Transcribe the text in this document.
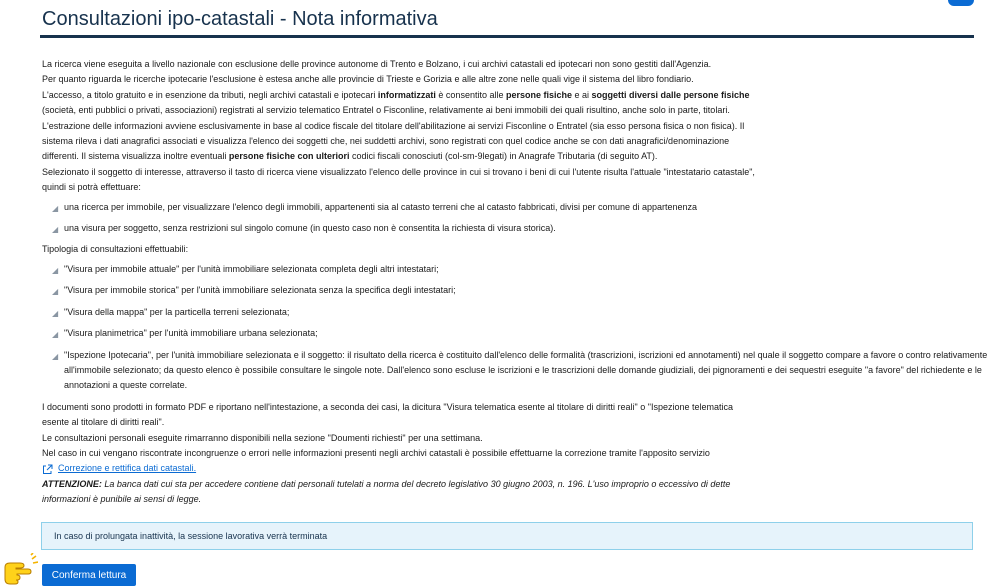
Consultazioni ipo-catastali - Nota informativa

La ricerca viene eseguita a livello nazionale con esclusione delle province autonome di Trento e Bolzano, i cui archivi catastali ed ipotecari non sono gestiti dall'Agenzia.

Per quanto riguarda le ricerche ipotecarie l'esclusione è estesa anche alle provincie di Trieste e Gorizia e alle altre zone nelle quali vige il sistema del libro fondiario.

L'accesso, a titolo gratuito e in esenzione da tributi, negli archivi catastali e ipotecari informatizzati è consentito alle persone fisiche e ai soggetti diversi dalle persone fisiche (società, enti pubblici o privati, associazioni) registrati al servizio telematico Entratel o Fisconline, relativamente ai beni immobili dei quali risultino, anche solo in parte, titolari.

L'estrazione delle informazioni avviene esclusivamente in base al codice fiscale del titolare dell'abilitazione ai servizi Fisconline o Entratel (sia esso persona fisica o non fisica). Il sistema rileva i dati anagrafici associati e visualizza l'elenco dei soggetti che, nei suddetti archivi, sono registrati con quel codice anche se con dati anagrafici/denominazione differenti. Il sistema visualizza inoltre eventuali persone fisiche con ulteriori codici fiscali conosciuti (col-sm-9legati) in Anagrafe Tributaria (di seguito AT).

Selezionato il soggetto di interesse, attraverso il tasto di ricerca viene visualizzato l'elenco delle province in cui si trovano i beni di cui l'utente risulta l'attuale "intestatario catastale", quindi si potrà effettuare:

◢ una ricerca per immobile, per visualizzare l'elenco degli immobili, appartenenti sia al catasto terreni che al catasto fabbricati, divisi per comune di appartenenza
◢ una visura per soggetto, senza restrizioni sul singolo comune (in questo caso non è consentita la richiesta di visura storica).

Tipologia di consultazioni effettuabili:

◢ "Visura per immobile attuale" per l'unità immobiliare selezionata completa degli altri intestatari;
◢ "Visura per immobile storica" per l'unità immobiliare selezionata senza la specifica degli intestatari;
◢ "Visura della mappa" per la particella terreni selezionata;
◢ "Visura planimetrica" per l'unità immobiliare urbana selezionata;
◢ "Ispezione Ipotecaria", per l'unità immobiliare selezionata e il soggetto: il risultato della ricerca è costituito dall'elenco delle formalità (trascrizioni, iscrizioni ed annotamenti) nel quale il soggetto compare a favore o contro relativamente all'immobile selezionato; da questo elenco è possibile consultare le singole note. Dall'elenco sono escluse le iscrizioni e le trascrizioni delle domande giudiziali, dei pignoramenti e dei sequestri eseguite "a favore" del richiedente e le annotazioni a queste correlate.

I documenti sono prodotti in formato PDF e riportano nell'intestazione, a seconda dei casi, la dicitura "Visura telematica esente al titolare di diritti reali" o "Ispezione telematica esente al titolare di diritti reali".

Le consultazioni personali eseguite rimarranno disponibili nella sezione "Doumenti richiesti" per una settimana.

Nel caso in cui vengano riscontrate incongruenze o errori nelle informazioni presenti negli archivi catastali è possibile effettuarne la correzione tramite l'apposito servizio

Correzione e rettifica dati catastali.

ATTENZIONE: La banca dati cui sta per accedere contiene dati personali tutelati a norma del decreto legislativo 30 giugno 2003, n. 196. L'uso improprio o eccessivo di dette informazioni è punibile ai sensi di legge.

In caso di prolungata inattività, la sessione lavorativa verrà terminata
Conferma lettura
